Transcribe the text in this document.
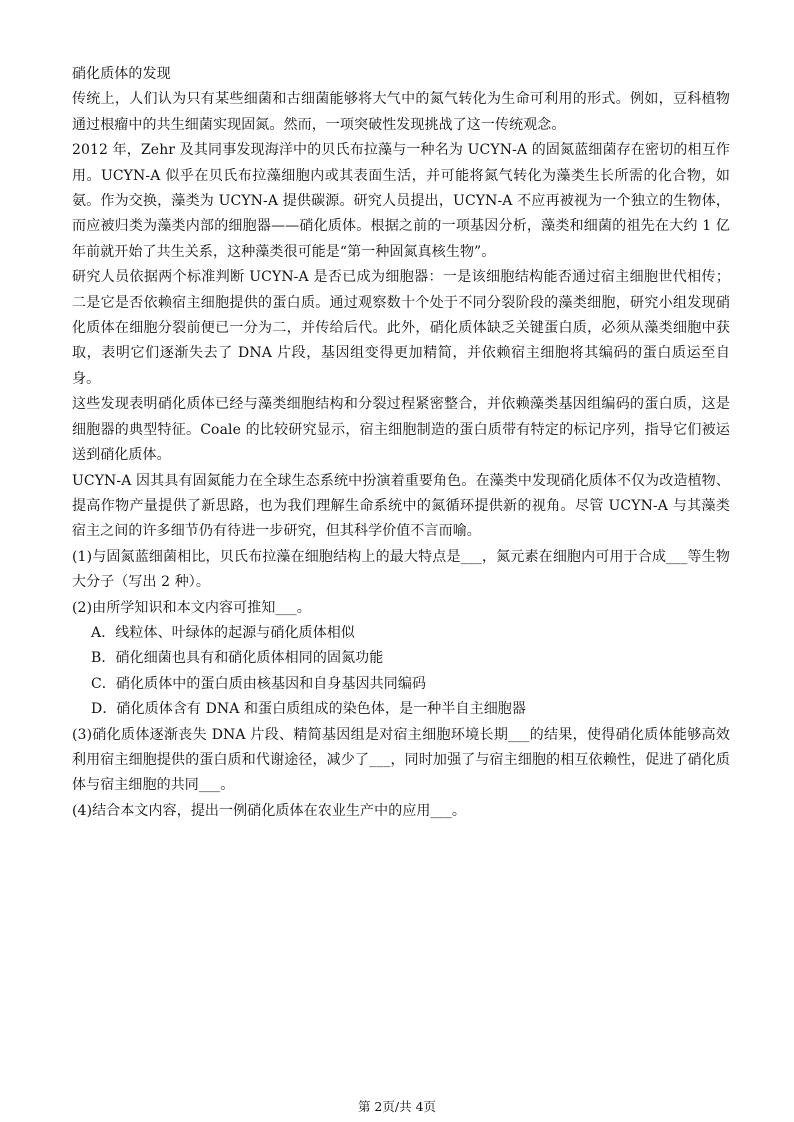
硝化质体的发现

传统上，人们认为只有某些细菌和古细菌能够将大气中的氮气转化为生命可利用的形式。例如，豆科植物通过根瘤中的共生细菌实现固氮。然而，一项突破性发现挑战了这一传统观念。

2012 年，Zehr 及其同事发现海洋中的贝氏布拉藻与一种名为 UCYN-A 的固氮蓝细菌存在密切的相互作用。UCYN-A 似乎在贝氏布拉藻细胞内或其表面生活，并可能将氮气转化为藻类生长所需的化合物，如氨。作为交换，藻类为 UCYN-A 提供碳源。研究人员提出，UCYN-A 不应再被视为一个独立的生物体，而应被归类为藻类内部的细胞器——硝化质体。根据之前的一项基因分析，藻类和细菌的祖先在大约 1 亿年前就开始了共生关系，这种藻类很可能是“第一种固氮真核生物”。

研究人员依据两个标准判断 UCYN-A 是否已成为细胞器：一是该细胞结构能否通过宿主细胞世代相传；二是它是否依赖宿主细胞提供的蛋白质。通过观察数十个处于不同分裂阶段的藻类细胞，研究小组发现硝化质体在细胞分裂前便已一分为二，并传给后代。此外，硝化质体缺乏关键蛋白质，必须从藻类细胞中获取，表明它们逐渐失去了 DNA 片段，基因组变得更加精简，并依赖宿主细胞将其编码的蛋白质运至自身。

这些发现表明硝化质体已经与藻类细胞结构和分裂过程紧密整合，并依赖藻类基因组编码的蛋白质，这是细胞器的典型特征。Coale 的比较研究显示，宿主细胞制造的蛋白质带有特定的标记序列，指导它们被运送到硝化质体。

UCYN-A 因其具有固氮能力在全球生态系统中扮演着重要角色。在藻类中发现硝化质体不仅为改造植物、提高作物产量提供了新思路，也为我们理解生命系统中的氮循环提供新的视角。尽管 UCYN-A 与其藻类宿主之间的许多细节仍有待进一步研究，但其科学价值不言而喻。

(1)与固氮蓝细菌相比，贝氏布拉藻在细胞结构上的最大特点是___，氮元素在细胞内可用于合成___等生物大分子（写出 2 种）。

(2)由所学知识和本文内容可推知___。

A．线粒体、叶绿体的起源与硝化质体相似

B．硝化细菌也具有和硝化质体相同的固氮功能

C．硝化质体中的蛋白质由核基因和自身基因共同编码

D．硝化质体含有 DNA 和蛋白质组成的染色体，是一种半自主细胞器

(3)硝化质体逐渐丧失 DNA 片段、精简基因组是对宿主细胞环境长期___的结果，使得硝化质体能够高效利用宿主细胞提供的蛋白质和代谢途径，减少了___，同时加强了与宿主细胞的相互依赖性，促进了硝化质体与宿主细胞的共同___。

(4)结合本文内容，提出一例硝化质体在农业生产中的应用___。

第 2页/共 4页
